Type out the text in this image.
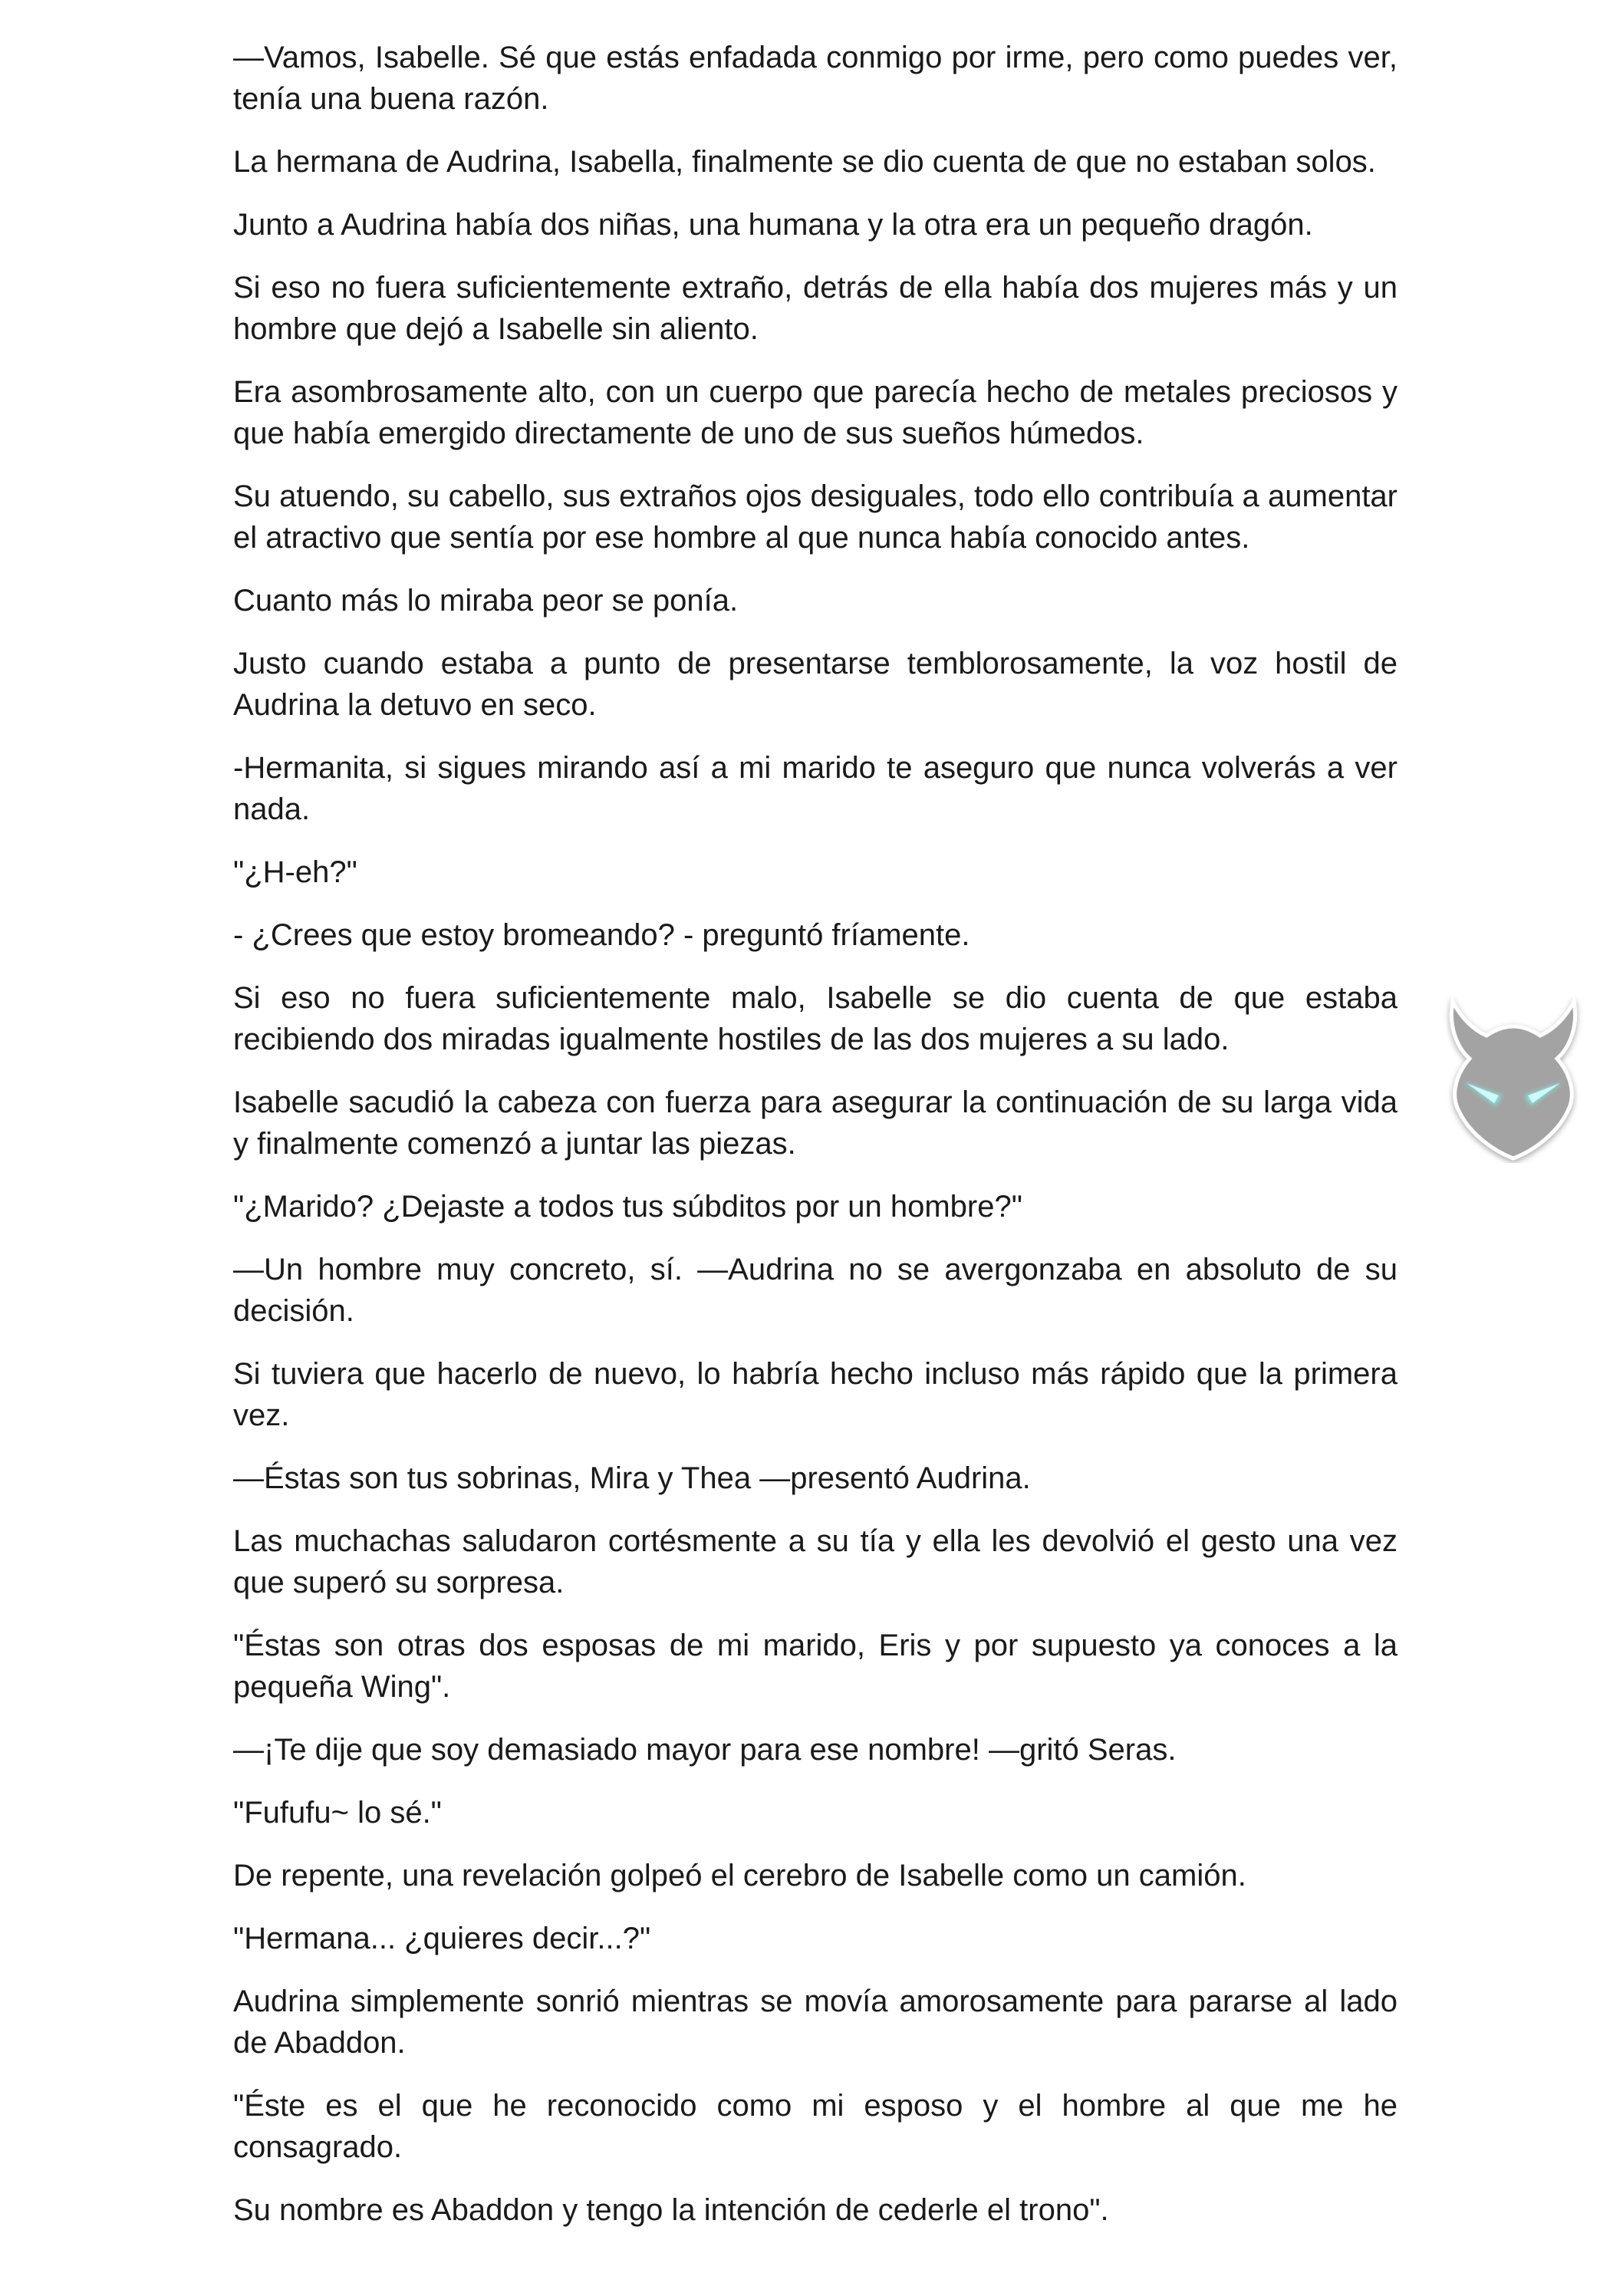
—Vamos, Isabelle. Sé que estás enfadada conmigo por irme, pero como puedes ver, tenía una buena razón.

La hermana de Audrina, Isabella, finalmente se dio cuenta de que no estaban solos.

Junto a Audrina había dos niñas, una humana y la otra era un pequeño dragón.

Si eso no fuera suficientemente extraño, detrás de ella había dos mujeres más y un hombre que dejó a Isabelle sin aliento.

Era asombrosamente alto, con un cuerpo que parecía hecho de metales preciosos y que había emergido directamente de uno de sus sueños húmedos.

Su atuendo, su cabello, sus extraños ojos desiguales, todo ello contribuía a aumentar el atractivo que sentía por ese hombre al que nunca había conocido antes.

Cuanto más lo miraba peor se ponía.

Justo cuando estaba a punto de presentarse temblorosamente, la voz hostil de Audrina la detuvo en seco.

-Hermanita, si sigues mirando así a mi marido te aseguro que nunca volverás a ver nada.

"¿H-eh?"

- ¿Crees que estoy bromeando? - preguntó fríamente.

Si eso no fuera suficientemente malo, Isabelle se dio cuenta de que estaba recibiendo dos miradas igualmente hostiles de las dos mujeres a su lado.

Isabelle sacudió la cabeza con fuerza para asegurar la continuación de su larga vida y finalmente comenzó a juntar las piezas.

"¿Marido? ¿Dejaste a todos tus súbditos por un hombre?"

—Un hombre muy concreto, sí. —Audrina no se avergonzaba en absoluto de su decisión.

Si tuviera que hacerlo de nuevo, lo habría hecho incluso más rápido que la primera vez.

—Éstas son tus sobrinas, Mira y Thea —presentó Audrina.

Las muchachas saludaron cortésmente a su tía y ella les devolvió el gesto una vez que superó su sorpresa.

"Éstas son otras dos esposas de mi marido, Eris y por supuesto ya conoces a la pequeña Wing".

—¡Te dije que soy demasiado mayor para ese nombre! —gritó Seras.

"Fufufu~ lo sé."

De repente, una revelación golpeó el cerebro de Isabelle como un camión.

"Hermana... ¿quieres decir...?"

Audrina simplemente sonrió mientras se movía amorosamente para pararse al lado de Abaddon.

"Éste es el que he reconocido como mi esposo y el hombre al que me he consagrado.

Su nombre es Abaddon y tengo la intención de cederle el trono".
